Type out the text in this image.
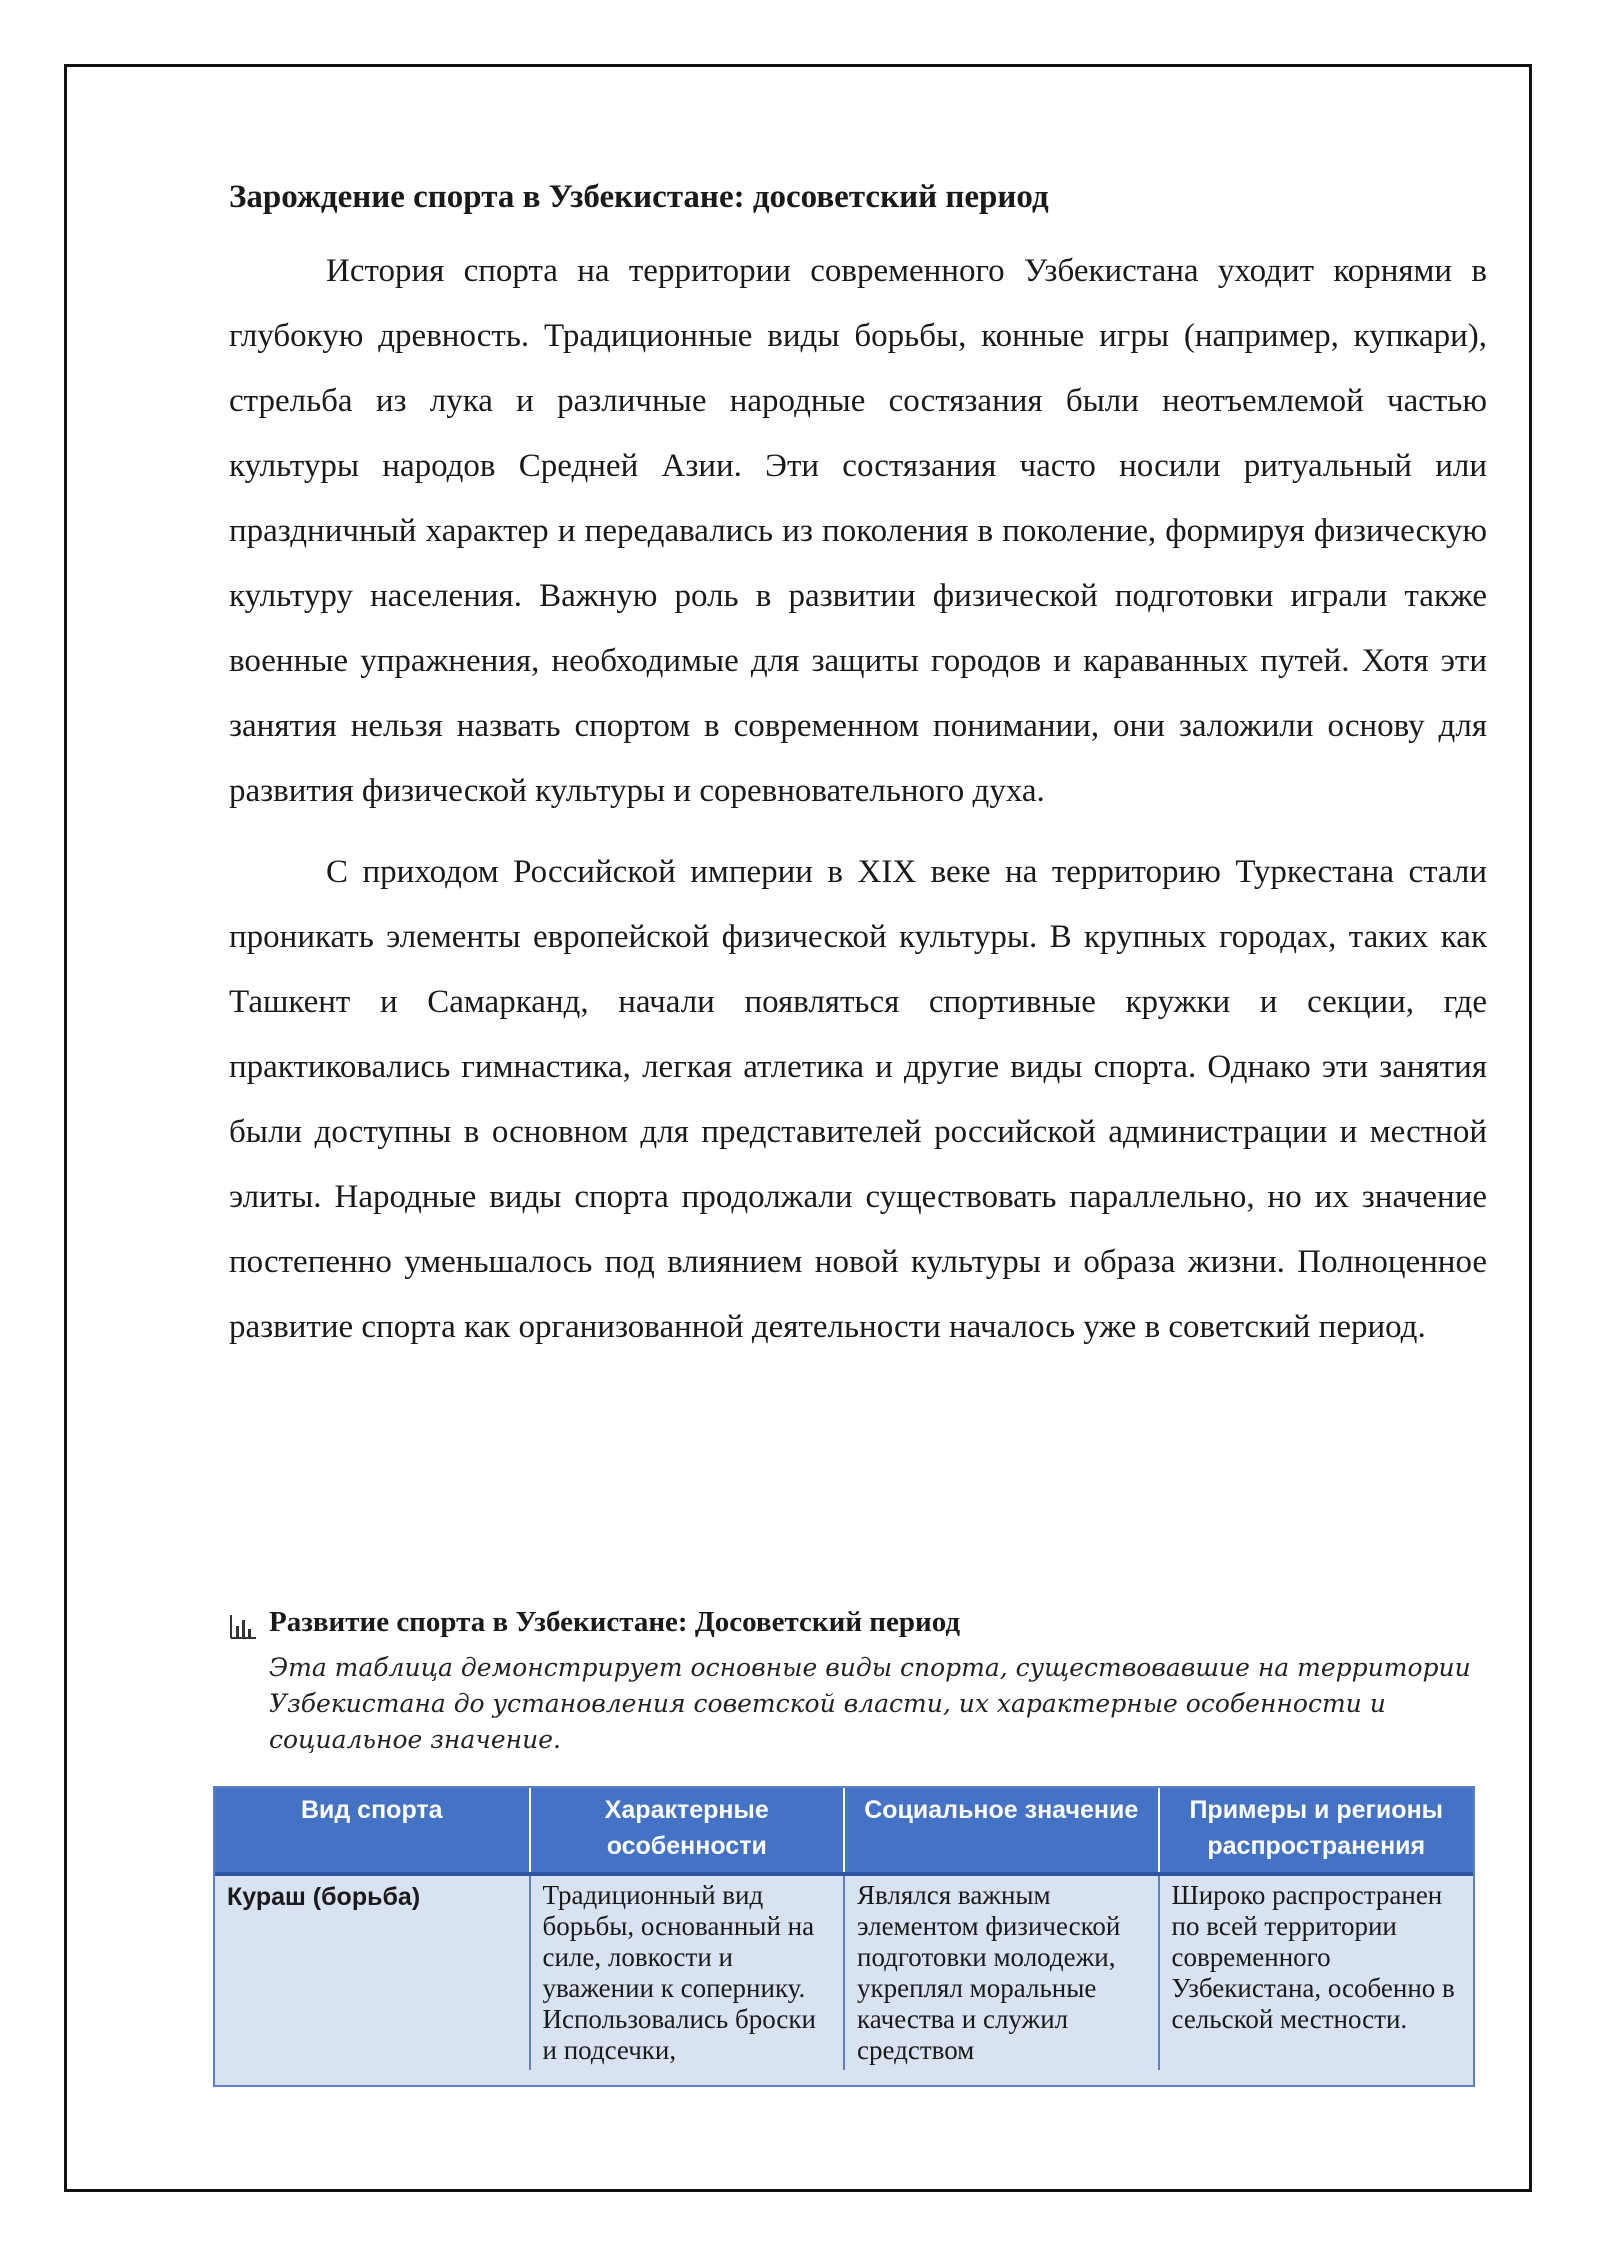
Зарождение спорта в Узбекистане: досоветский период

История спорта на территории современного Узбекистана уходит корнями в глубокую древность. Традиционные виды борьбы, конные игры (например, купкари), стрельба из лука и различные народные состязания были неотъемлемой частью культуры народов Средней Азии. Эти состязания часто носили ритуальный или праздничный характер и передавались из поколения в поколение, формируя физическую культуру населения. Важную роль в развитии физической подготовки играли также военные упражнения, необходимые для защиты городов и караванных путей. Хотя эти занятия нельзя назвать спортом в современном понимании, они заложили основу для развития физической культуры и соревновательного духа.

С приходом Российской империи в XIX веке на территорию Туркестана стали проникать элементы европейской физической культуры. В крупных городах, таких как Ташкент и Самарканд, начали появляться спортивные кружки и секции, где практиковались гимнастика, легкая атлетика и другие виды спорта. Однако эти занятия были доступны в основном для представителей российской администрации и местной элиты. Народные виды спорта продолжали существовать параллельно, но их значение постепенно уменьшалось под влиянием новой культуры и образа жизни. Полноценное развитие спорта как организованной деятельности началось уже в советский период.

Развитие спорта в Узбекистане: Досоветский период
Эта таблица демонстрирует основные виды спорта, существовавшие на территории Узбекистана до установления советской власти, их характерные особенности и социальное значение.
Вид спорта	Характерные особенности	Социальное значение	Примеры и регионы распространения
Кураш (борьба)	Традиционный вид борьбы, основанный на силе, ловкости и уважении к сопернику. Использовались броски и подсечки,	Являлся важным элементом физической подготовки молодежи, укреплял моральные качества и служил средством	Широко распространен по всей территории современного Узбекистана, особенно в сельской местности.
